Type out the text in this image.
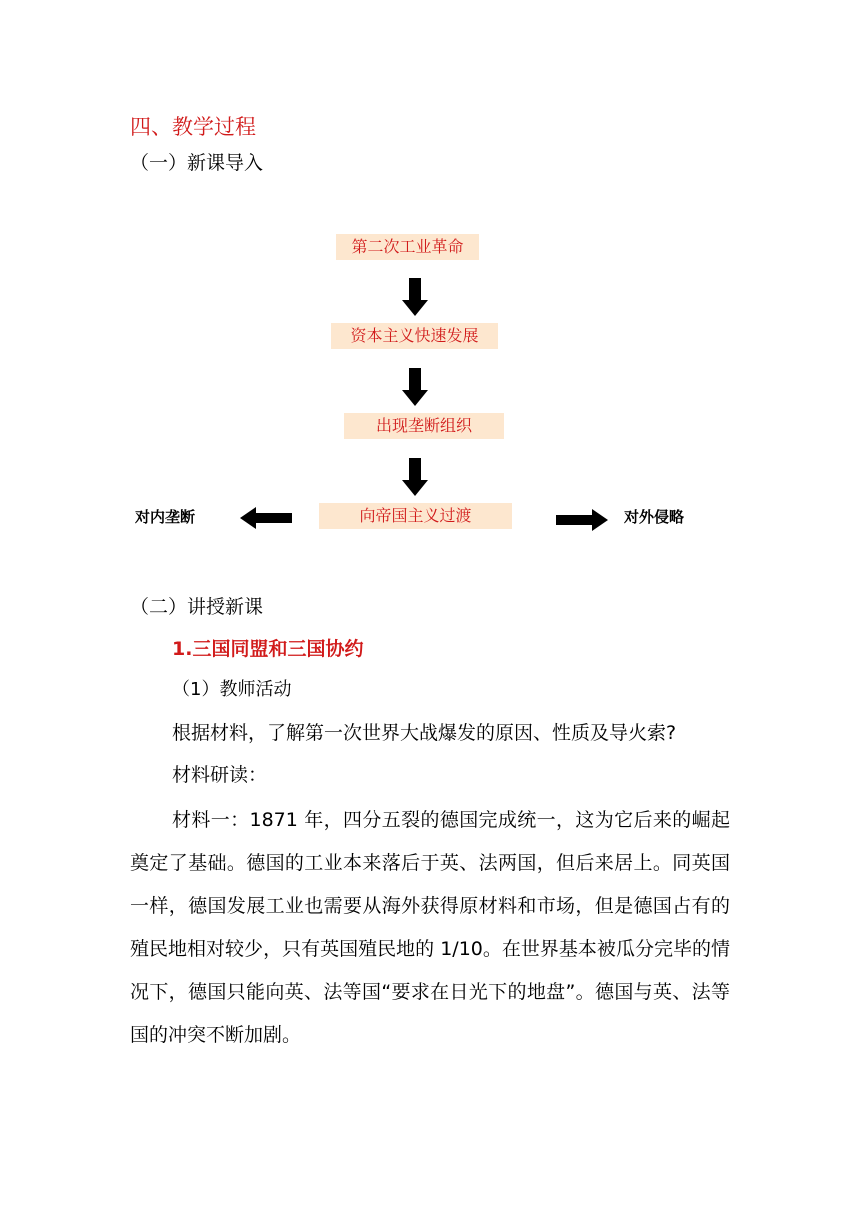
四、教学过程
（一）新课导入
第二次工业革命
资本主义快速发展
出现垄断组织
向帝国主义过渡
对内垄断	对外侵略
（二）讲授新课
1.三国同盟和三国协约
（1）教师活动
根据材料，了解第一次世界大战爆发的原因、性质及导火索?
材料研读：
材料一：1871 年，四分五裂的德国完成统一，这为它后来的崛起奠定了基础。德国的工业本来落后于英、法两国，但后来居上。同英国一样，德国发展工业也需要从海外获得原材料和市场，但是德国占有的殖民地相对较少，只有英国殖民地的 1/10。在世界基本被瓜分完毕的情况下，德国只能向英、法等国“要求在日光下的地盘”。德国与英、法等国的冲突不断加剧。
